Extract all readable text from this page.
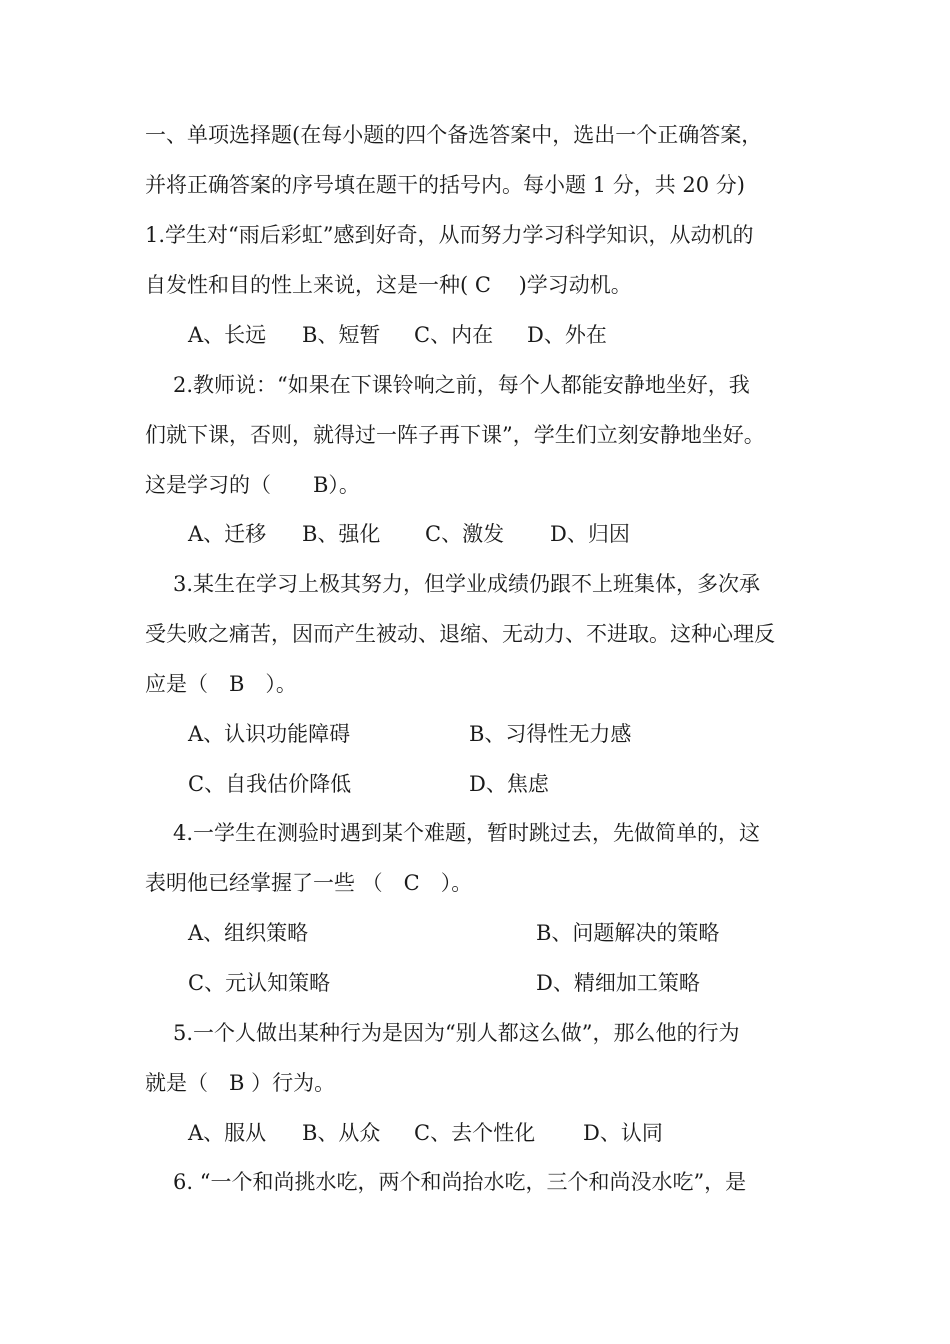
一、单项选择题(在每小题的四个备选答案中，选出一个正确答案，
并将正确答案的序号填在题干的括号内。每小题 1 分，共 20 分)
1.学生对“雨后彩虹”感到好奇，从而努力学习科学知识，从动机的
自发性和目的性上来说，这是一种( C　 )学习动机。
A、长远 B、短暂 C、内在 D、外在
2.教师说：“如果在下课铃响之前，每个人都能安静地坐好，我
们就下课，否则，就得过一阵子再下课”，学生们立刻安静地坐好。
这是学习的（　　B）。
A、迁移 B、强化 C、激发 D、归因
3.某生在学习上极其努力，但学业成绩仍跟不上班集体，多次承
受失败之痛苦，因而产生被动、退缩、无动力、不进取。这种心理反
应是（　B　）。
A、认识功能障碍	B、习得性无力感
C、自我估价降低	D、焦虑
4.一学生在测验时遇到某个难题，暂时跳过去，先做简单的，这
表明他已经掌握了一些 （　C　）。
A、组织策略	B、问题解决的策略
C、元认知策略	D、精细加工策略
5.一个人做出某种行为是因为“别人都这么做”，那么他的行为
就是（　B ）行为。
A、服从 B、从众 C、去个性化 D、认同
6. “一个和尚挑水吃，两个和尚抬水吃，三个和尚没水吃”，是
